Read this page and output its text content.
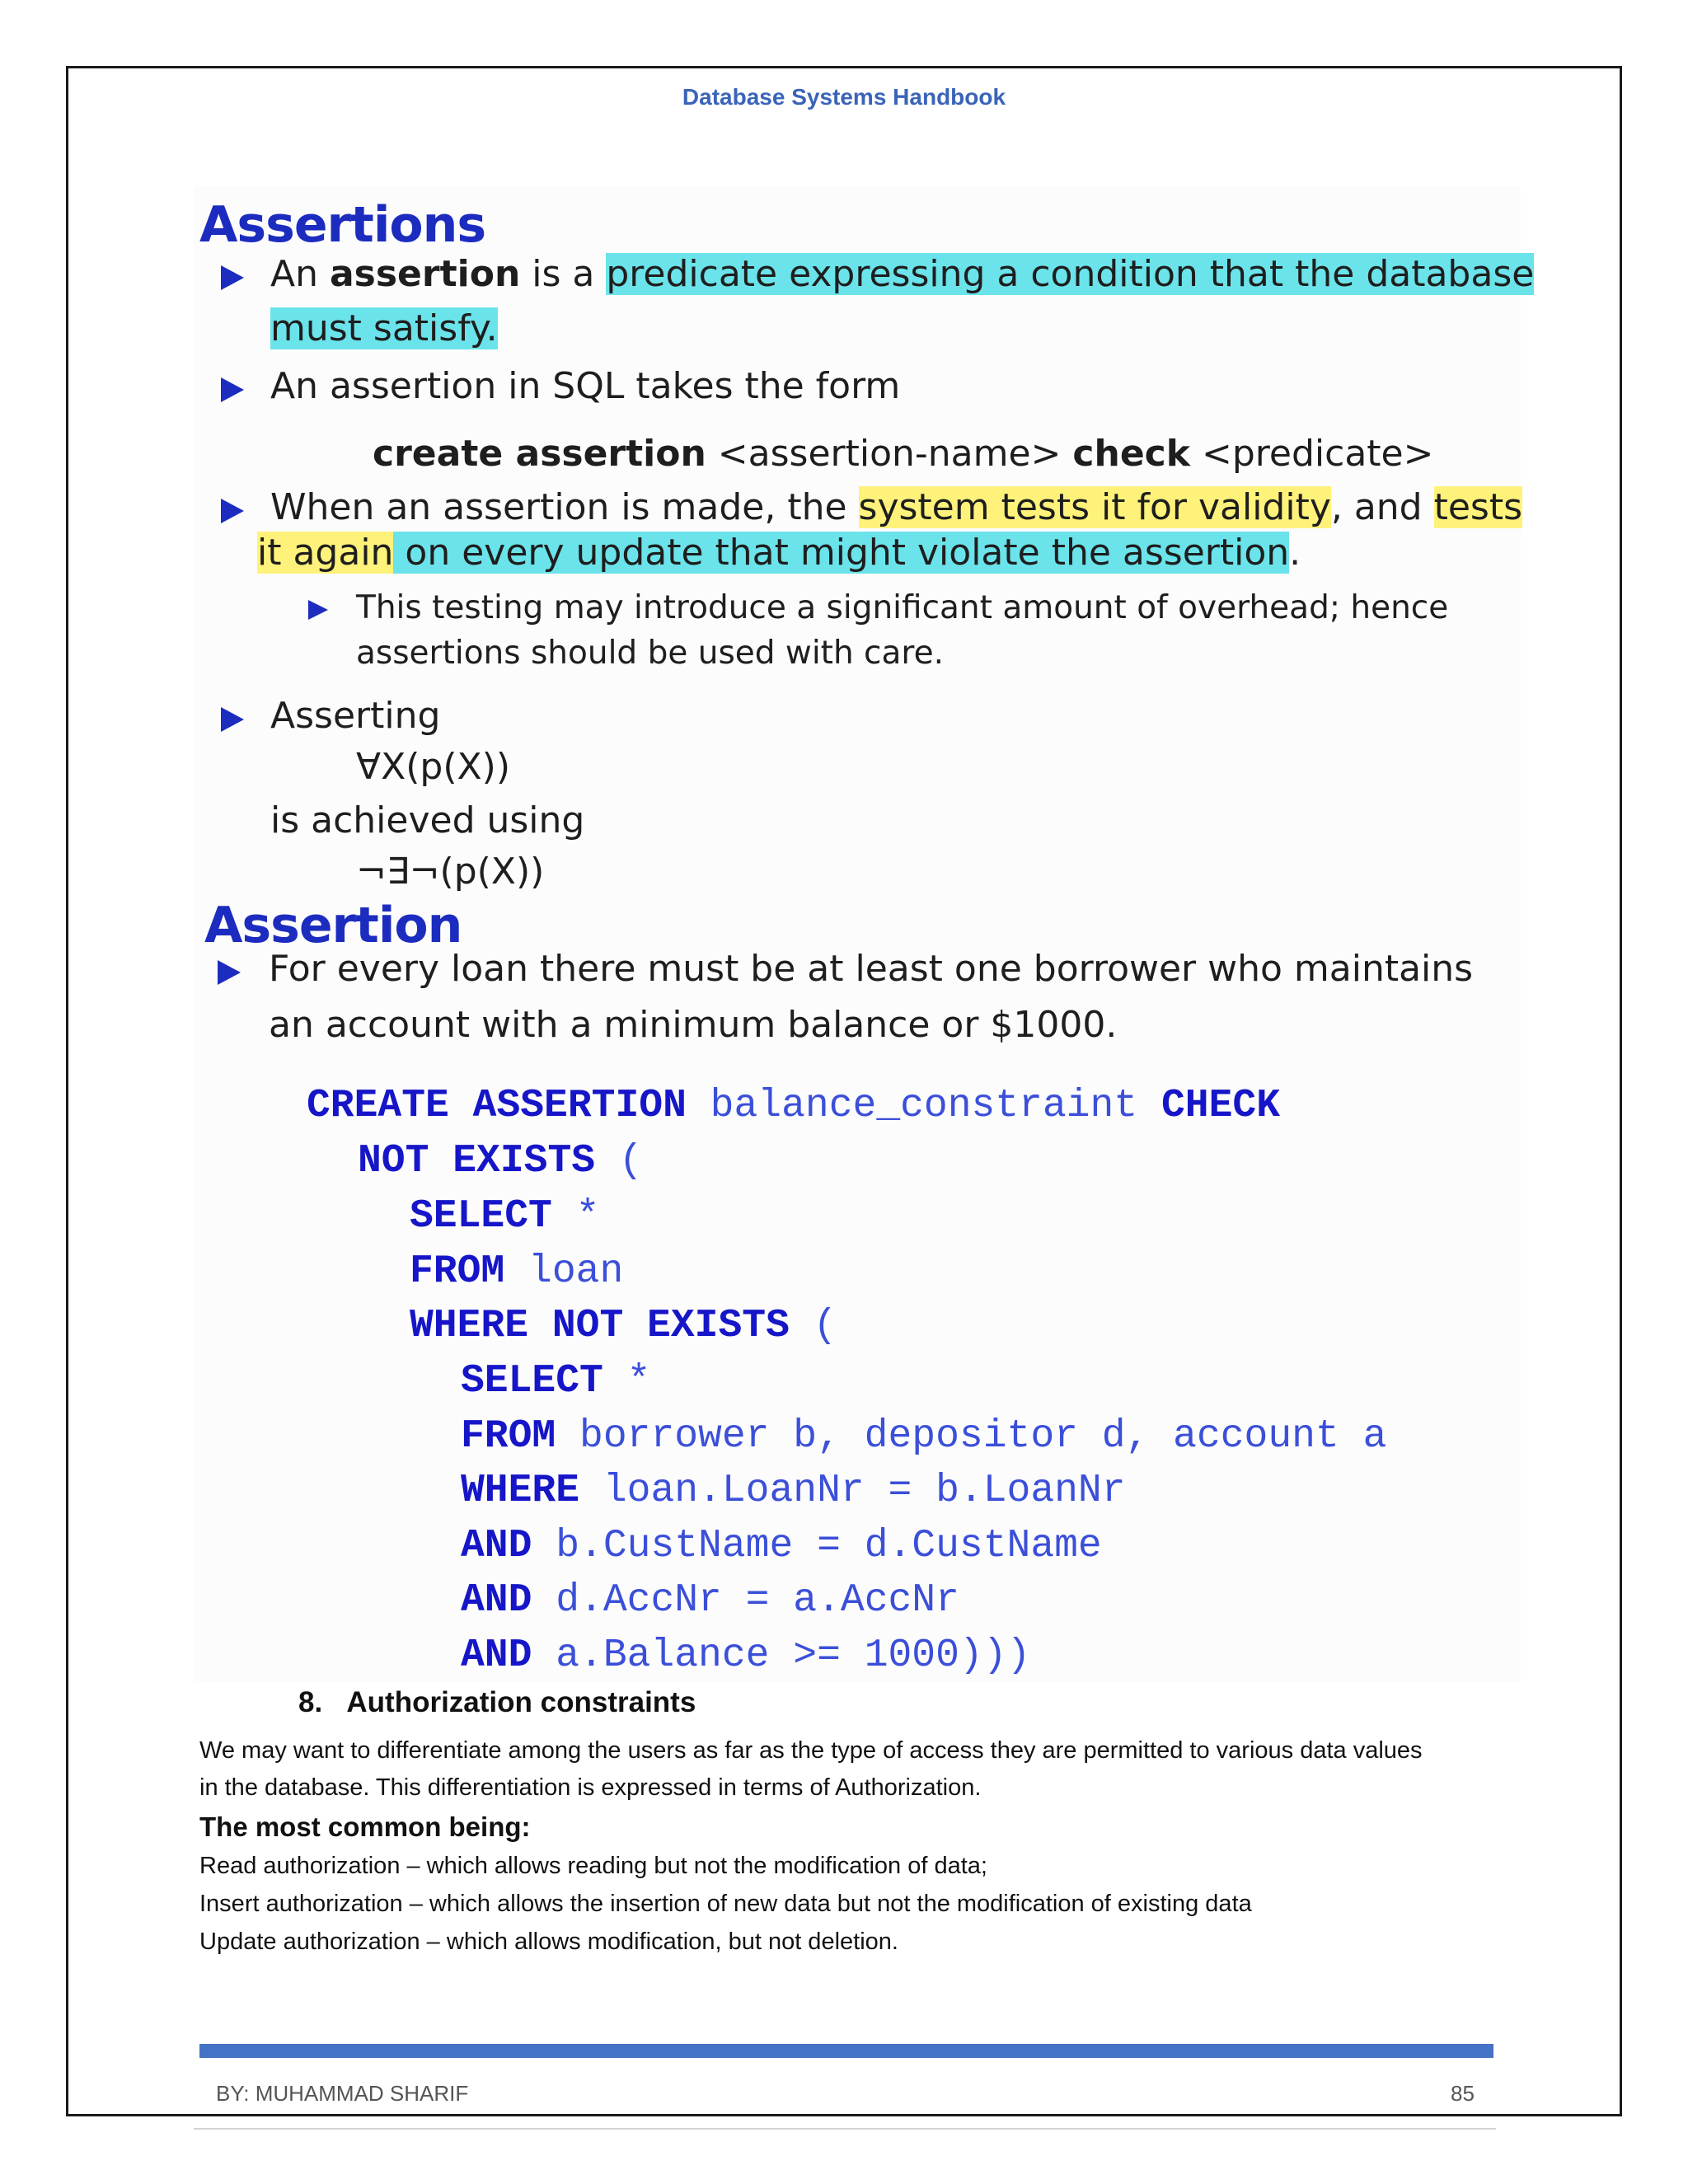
Database Systems Handbook
Assertions
An assertion is a predicate expressing a condition that the database
must satisfy.
An assertion in SQL takes the form
create assertion <assertion-name> check <predicate>
When an assertion is made, the system tests it for validity, and tests
it again on every update that might violate the assertion.
This testing may introduce a significant amount of overhead; hence
assertions should be used with care.
Asserting
∀X(p(X))
is achieved using
¬∃¬(p(X))
Assertion
For every loan there must be at least one borrower who maintains
an account with a minimum balance or $1000.
CREATE ASSERTION balance_constraint CHECK
NOT EXISTS (
SELECT *
FROM loan
WHERE NOT EXISTS (
SELECT *
FROM borrower b, depositor d, account a
WHERE loan.LoanNr = b.LoanNr
AND b.CustName = d.CustName
AND d.AccNr = a.AccNr
AND a.Balance >= 1000)))
8. Authorization constraints
We may want to differentiate among the users as far as the type of access they are permitted to various data values
in the database. This differentiation is expressed in terms of Authorization.
The most common being:
Read authorization – which allows reading but not the modification of data;
Insert authorization – which allows the insertion of new data but not the modification of existing data
Update authorization – which allows modification, but not deletion.
BY: MUHAMMAD SHARIF	85
